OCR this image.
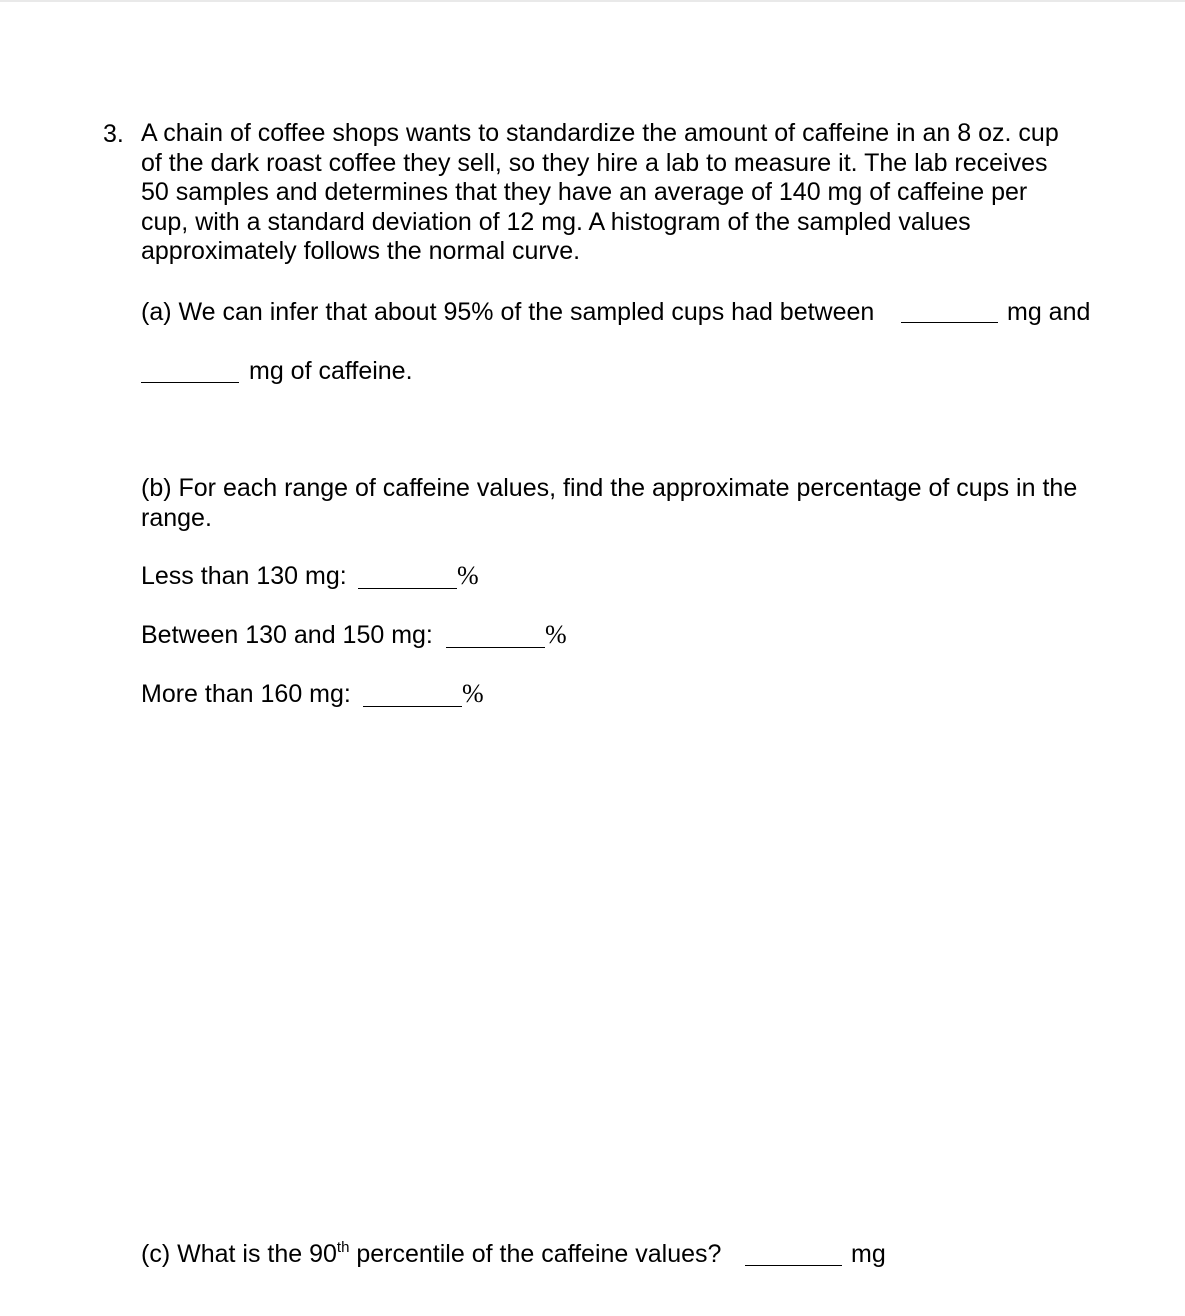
3. A chain of coffee shops wants to standardize the amount of caffeine in an 8 oz. cup
of the dark roast coffee they sell, so they hire a lab to measure it. The lab receives
50 samples and determines that they have an average of 140 mg of caffeine per
cup, with a standard deviation of 12 mg. A histogram of the sampled values
approximately follows the normal curve.
(a) We can infer that about 95% of the sampled cups had between	mg and
mg of caffeine.
(b) For each range of caffeine values, find the approximate percentage of cups in the
range.
Less than 130 mg:	%
Between 130 and 150 mg:	%
More than 160 mg:	%
(c) What is the 90th percentile of the caffeine values?	mg
